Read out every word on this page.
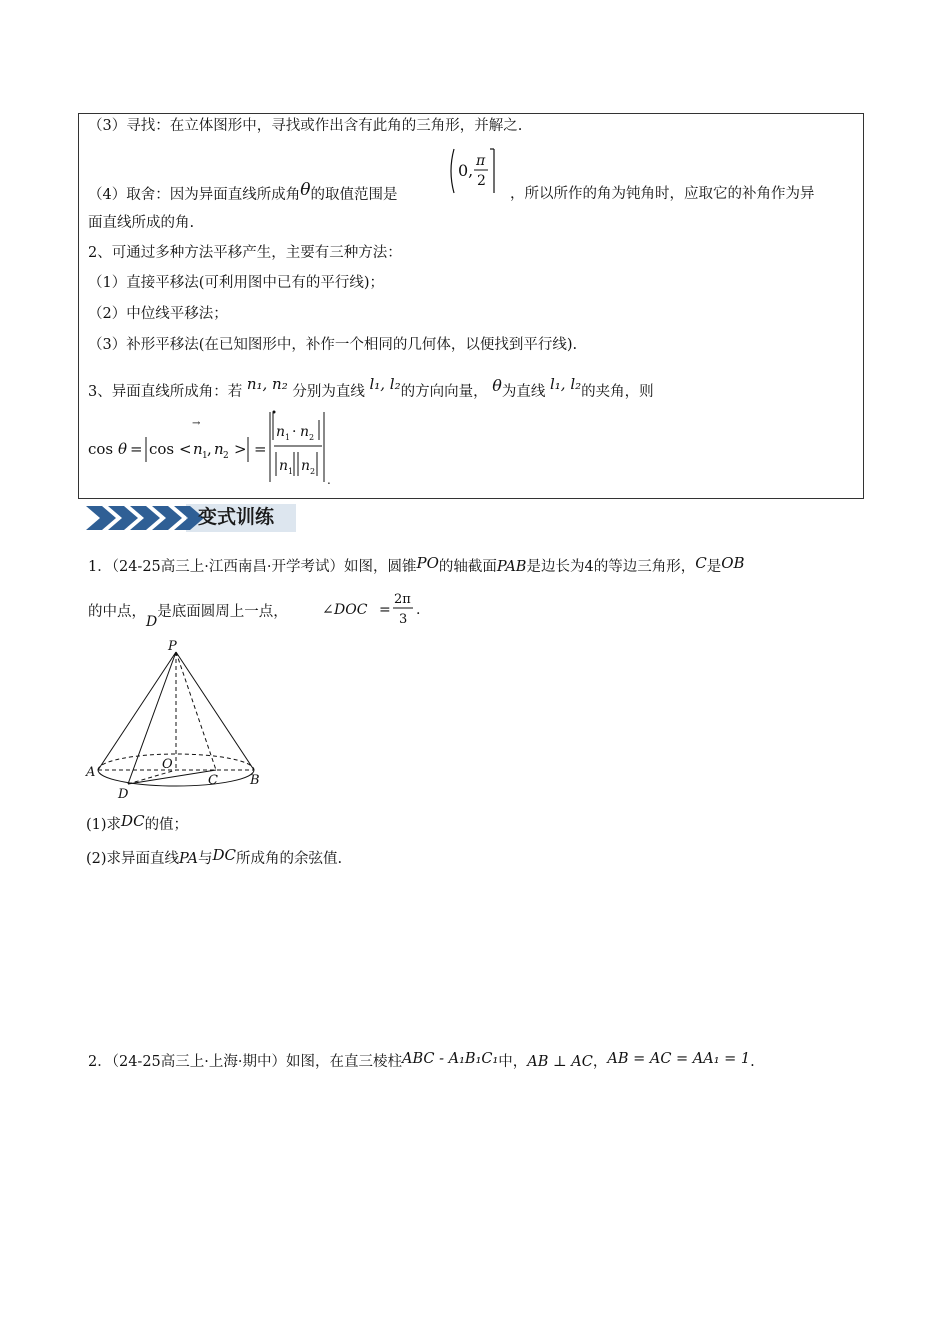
（3）寻找：在立体图形中，寻找或作出含有此角的三角形，并解之.
（4）取舍：因为异面直线所成角θ的取值范围是
0, π
2
，所以所作的角为钝角时，应取它的补角作为异
面直线所成的角.
2、可通过多种方法平移产生，主要有三种方法：
（1）直接平移法(可利用图中已有的平行线)；
（2）中位线平移法；
（3）补形平移法(在已知图形中，补作一个相同的几何体，以便找到平行线).
3、异面直线所成角：若 n₁, n₂ 分别为直线 l₁, l₂的方向向量， θ为直线 l₁, l₂的夹角，则
cos θ = cos <
→
n 1 , n 2 > =
n 1 · n 2
n 1 n 2
.
变式训练
1．（24-25高三上·江西南昌·开学考试）如图，圆锥PO的轴截面PAB是边长为4的等边三角形，C是OB
的中点，D是底面圆周上一点， ∠ DOC =
2π
3
.
P
A
B
O
C
D
(1)求DC的值；
(2)求异面直线PA与DC所成角的余弦值.
2．（24-25高三上·上海·期中）如图，在直三棱柱ABC - A₁B₁C₁中，AB ⊥ AC，AB = AC = AA₁ = 1.
